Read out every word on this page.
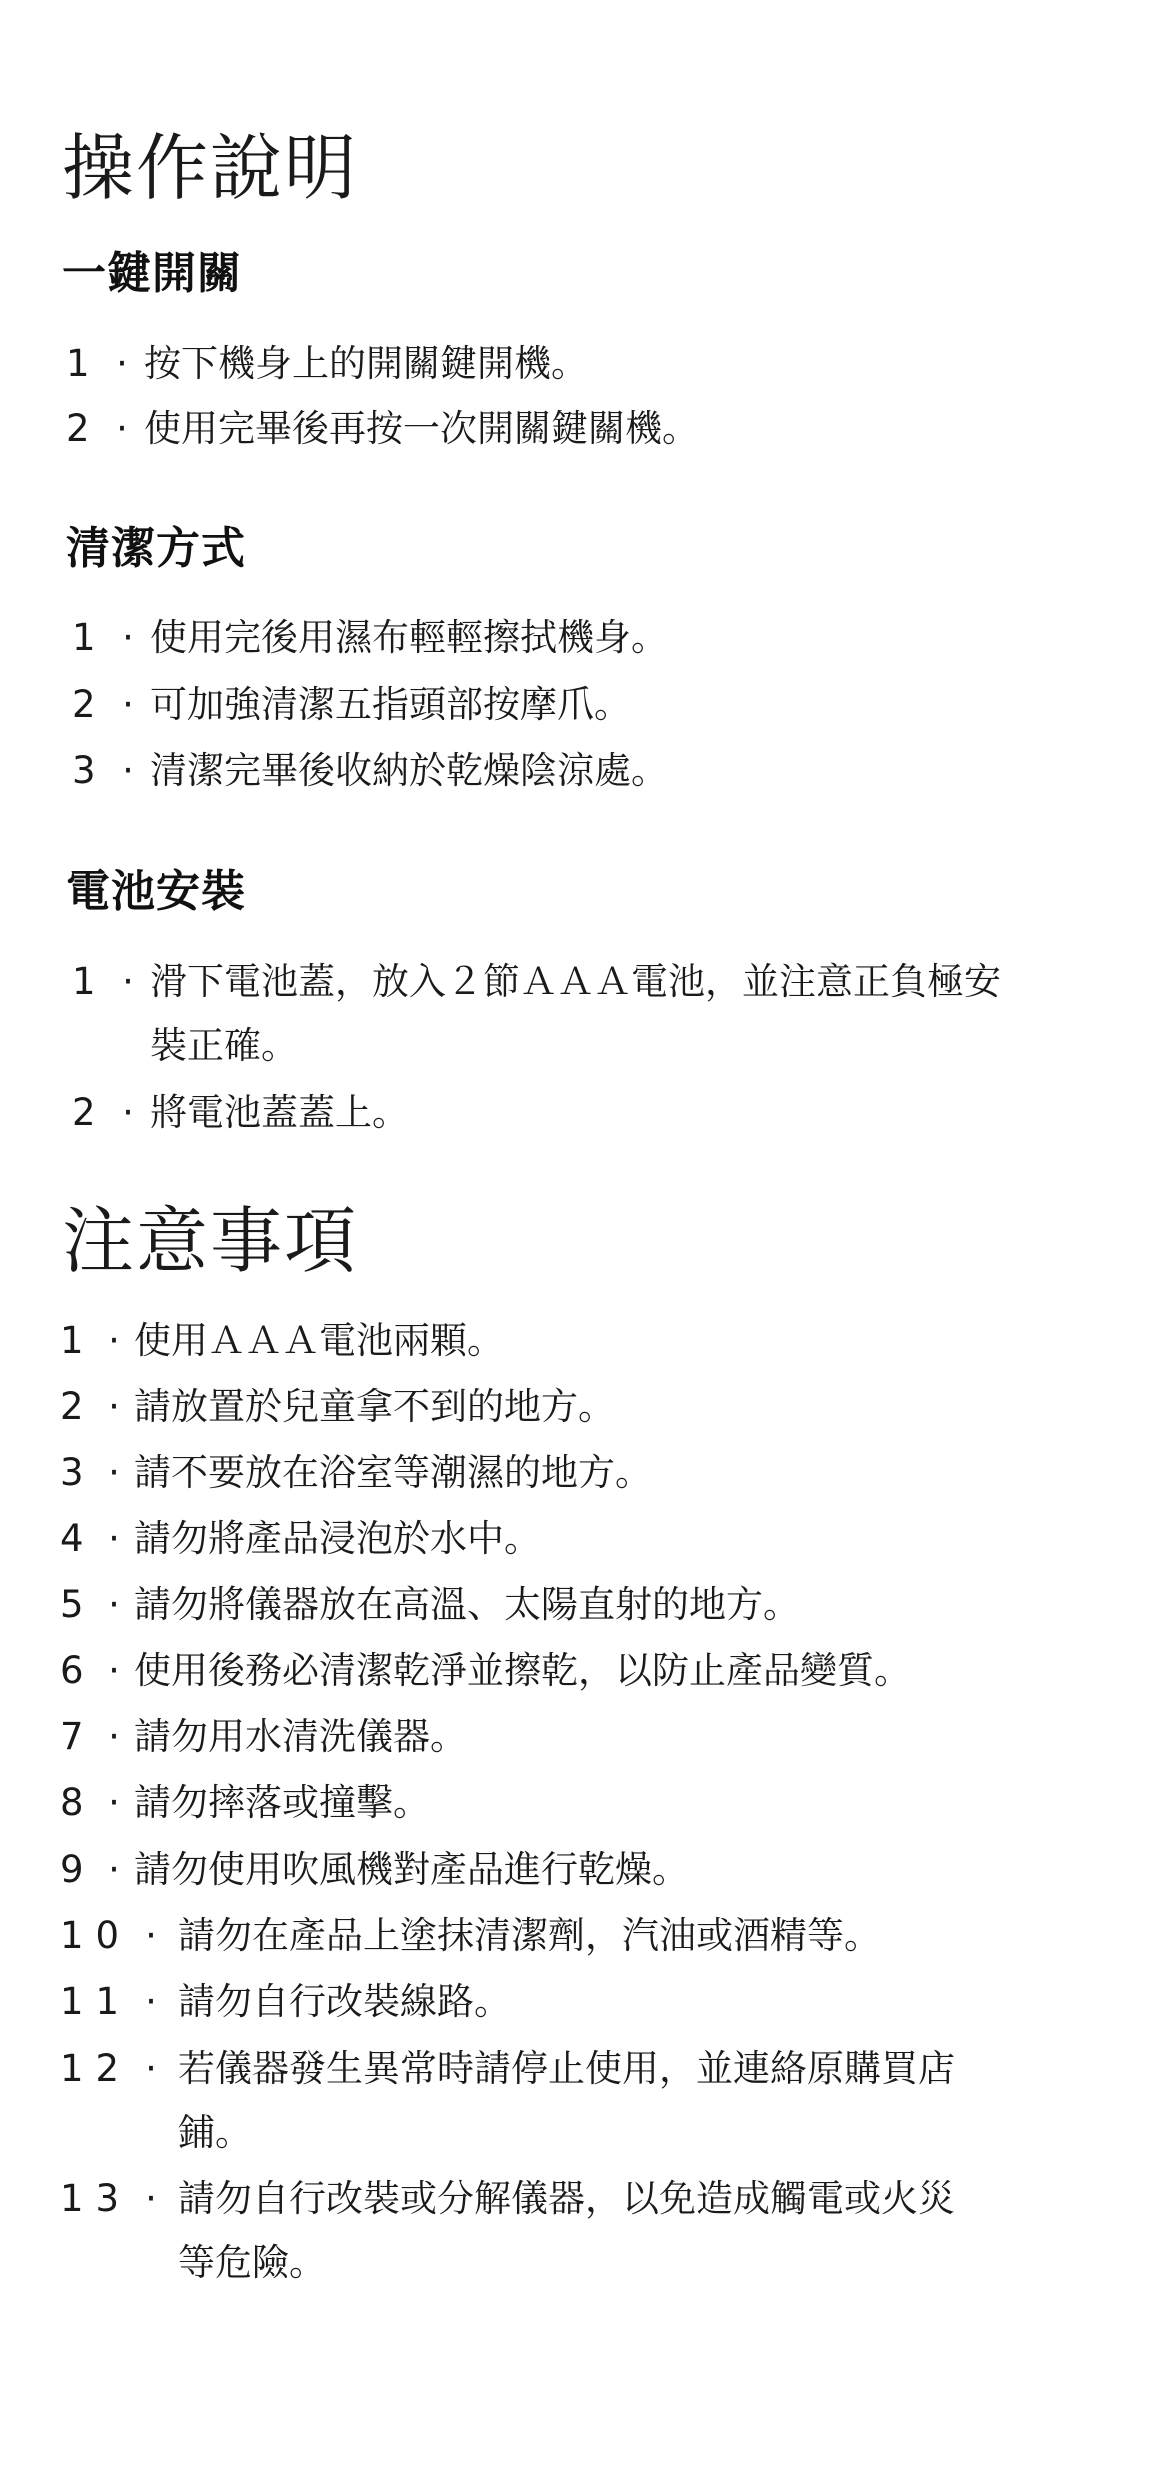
操作說明
一鍵開關
1 · 按下機身上的開關鍵開機。
2 · 使用完畢後再按一次開關鍵關機。
清潔方式
1 · 使用完後用濕布輕輕擦拭機身。
2 · 可加強清潔五指頭部按摩爪。
3 · 清潔完畢後收納於乾燥陰涼處。
電池安裝
1 · 滑下電池蓋，放入２節ＡＡＡ電池，並注意正負極安
裝正確。
2 · 將電池蓋蓋上。
注意事項
1 · 使用ＡＡＡ電池兩顆。
2 · 請放置於兒童拿不到的地方。
3 · 請不要放在浴室等潮濕的地方。
4 · 請勿將產品浸泡於水中。
5 · 請勿將儀器放在高溫、太陽直射的地方。
6 · 使用後務必清潔乾淨並擦乾，以防止產品變質。
7 · 請勿用水清洗儀器。
8 · 請勿摔落或撞擊。
9 · 請勿使用吹風機對產品進行乾燥。
10 · 請勿在產品上塗抹清潔劑，汽油或酒精等。
11 · 請勿自行改裝線路。
12 · 若儀器發生異常時請停止使用，並連絡原購買店
鋪。
13 · 請勿自行改裝或分解儀器，以免造成觸電或火災
等危險。
